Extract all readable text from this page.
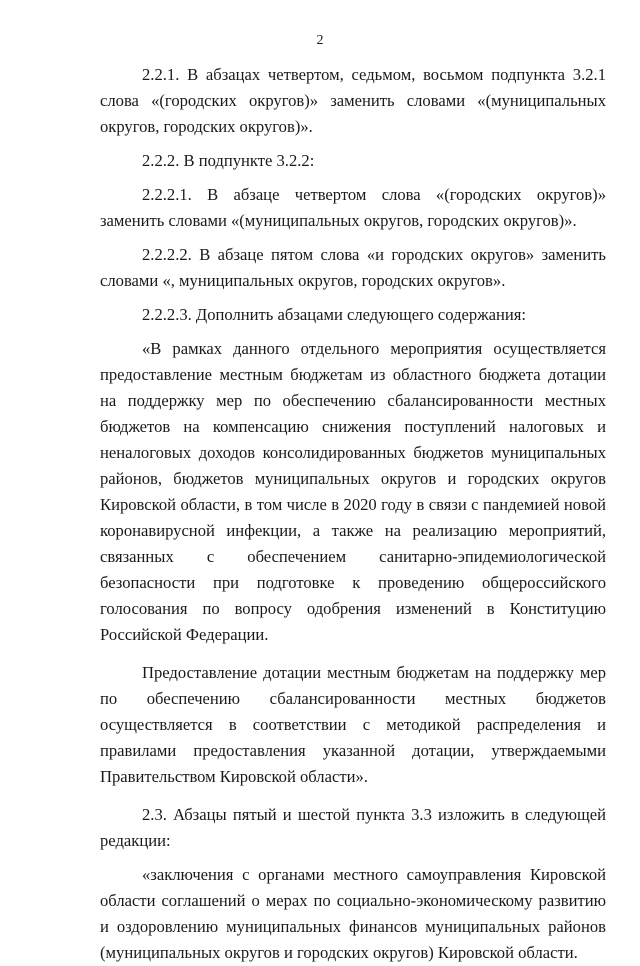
2

2.2.1. В абзацах четвертом, седьмом, восьмом подпункта 3.2.1 слова «(городских округов)» заменить словами «(муниципальных округов, городских округов)».

2.2.2. В подпункте 3.2.2:

2.2.2.1. В абзаце четвертом слова «(городских округов)» заменить словами «(муниципальных округов, городских округов)».

2.2.2.2. В абзаце пятом слова «и городских округов» заменить словами «, муниципальных округов, городских округов».

2.2.2.3. Дополнить абзацами следующего содержания:

«В рамках данного отдельного мероприятия осуществляется предоставление местным бюджетам из областного бюджета дотации на поддержку мер по обеспечению сбалансированности местных бюджетов на компенсацию снижения поступлений налоговых и неналоговых доходов консолидированных бюджетов муниципальных районов, бюджетов муниципальных округов и городских округов Кировской области, в том числе в 2020 году в связи с пандемией новой коронавирусной инфекции, а также на реализацию мероприятий, связанных с обеспечением санитарно-эпидемиологической безопасности при подготовке к проведению общероссийского голосования по вопросу одобрения изменений в Конституцию Российской Федерации.

Предоставление дотации местным бюджетам на поддержку мер по обеспечению сбалансированности местных бюджетов осуществляется в соответствии с методикой распределения и правилами предоставления указанной дотации, утверждаемыми Правительством Кировской области».

2.3. Абзацы пятый и шестой пункта 3.3 изложить в следующей редакции:

«заключения с органами местного самоуправления Кировской области соглашений о мерах по социально-экономическому развитию и оздоровлению муниципальных финансов муниципальных районов (муниципальных округов и городских округов) Кировской области.
